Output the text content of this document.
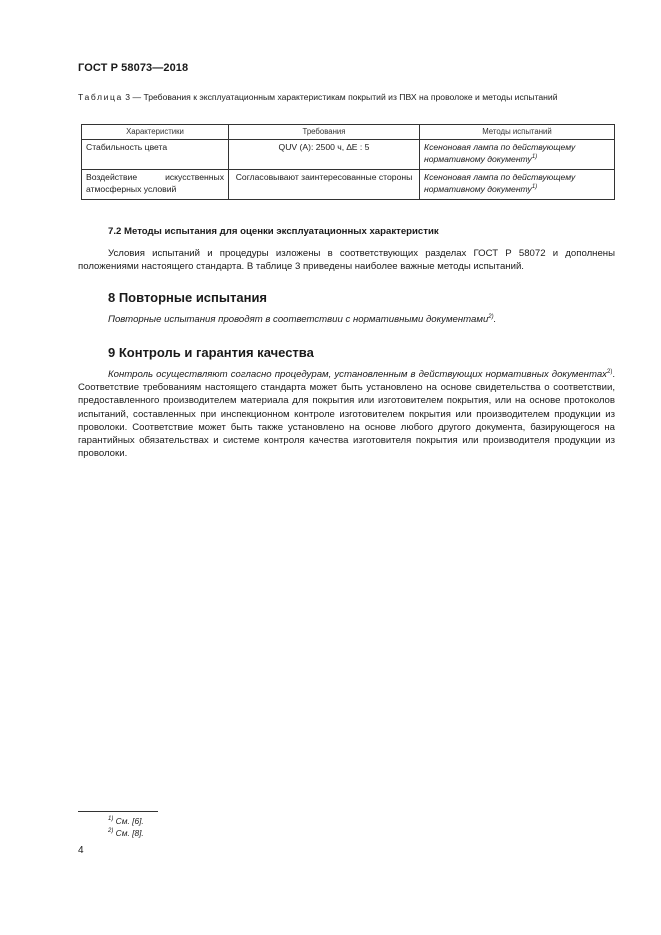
ГОСТ Р 58073—2018
Таблица 3 — Требования к эксплуатационным характеристикам покрытий из ПВХ на проволоке и методы испытаний
Характеристики	Требования	Методы испытаний
Стабильность цвета	QUV (A): 2500 ч, ∆E : 5	Ксеноновая лампа по действующему нормативному документу$^{1)}$
Воздействие искусственных атмосферных условий	Согласовывают заинтересованные стороны	Ксеноновая лампа по действующему нормативному документу$^{1)}$
7.2 Методы испытания для оценки эксплуатационных характеристик
Условия испытаний и процедуры изложены в соответствующих разделах ГОСТ Р 58072 и дополнены положениями настоящего стандарта. В таблице 3 приведены наиболее важные методы испытаний.
8 Повторные испытания
Повторные испытания проводят в соответствии с нормативными документами$^{2)}$.
9 Контроль и гарантия качества
Контроль осуществляют согласно процедурам, установленным в действующих нормативных документах$^{2)}$. Соответствие требованиям настоящего стандарта может быть установлено на основе свидетельства о соответствии, предоставленного производителем материала для покрытия или изготовителем покрытия, или на основе протоколов испытаний, составленных при инспекционном контроле изготовителем покрытия или производителем продукции из проволоки. Соответствие может быть также установлено на основе любого другого документа, базирующегося на гарантийных обязательствах и системе контроля качества изготовителя покрытия или производителя продукции из проволоки.
$^{1)}$ См. [6].
$^{2)}$ См. [8].
4
